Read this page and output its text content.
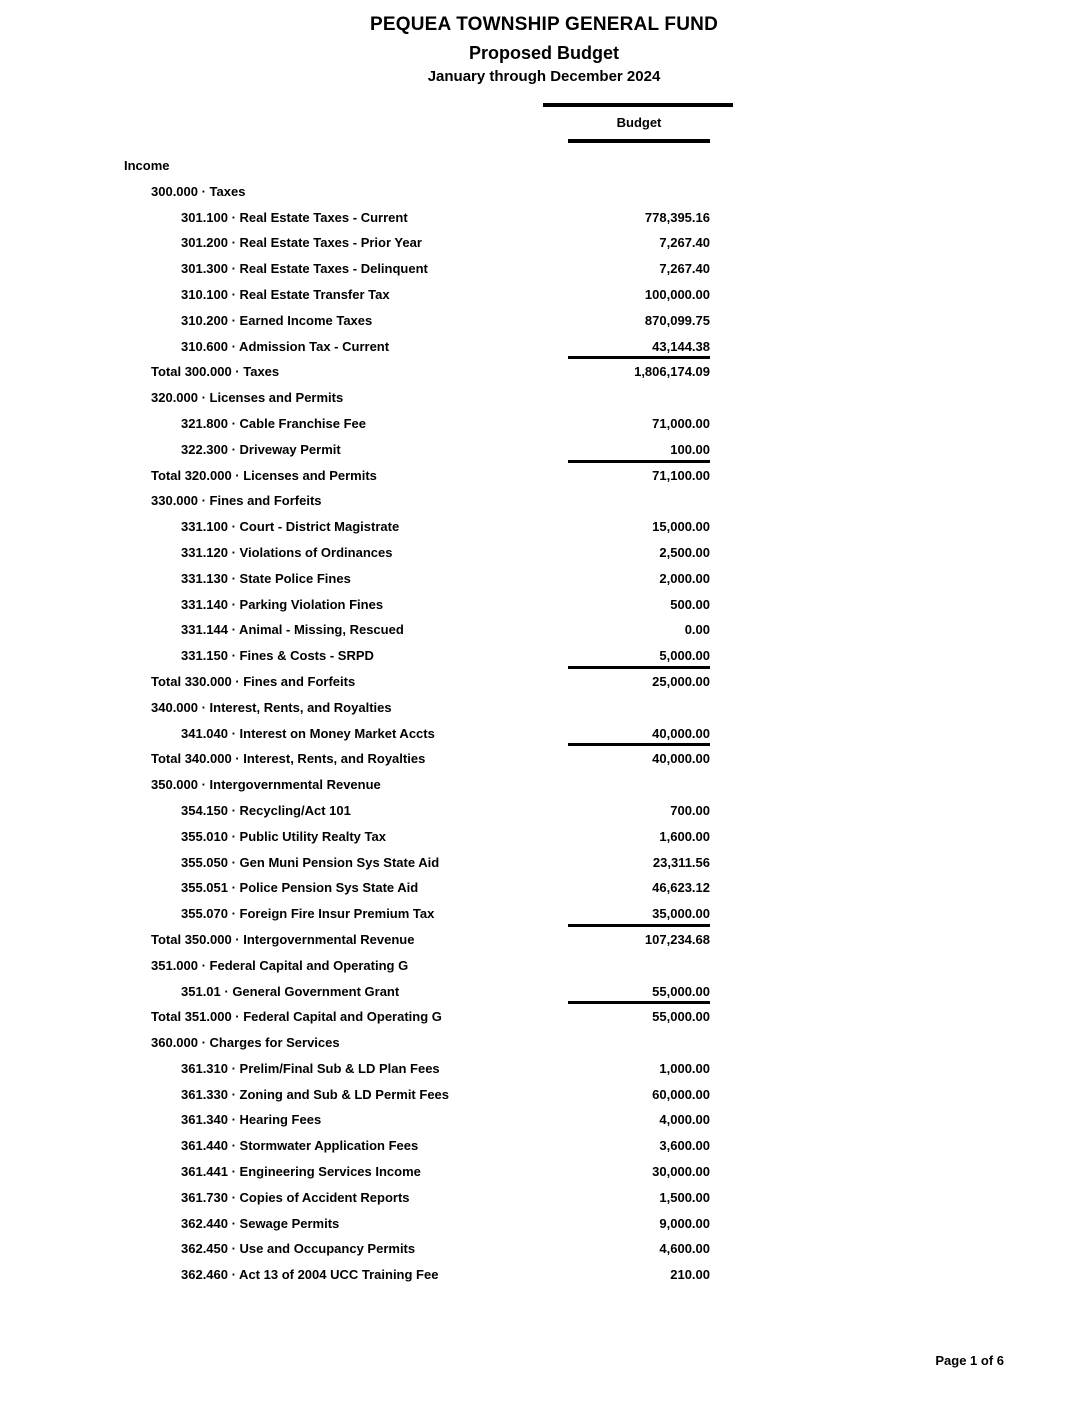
PEQUEA TOWNSHIP GENERAL FUND
Proposed Budget
January through December 2024
Budget
Income
300.000 · Taxes
301.100 · Real Estate Taxes - Current	778,395.16
301.200 · Real Estate Taxes - Prior Year	7,267.40
301.300 · Real Estate Taxes - Delinquent	7,267.40
310.100 · Real Estate Transfer Tax	100,000.00
310.200 · Earned Income Taxes	870,099.75
310.600 · Admission Tax - Current	43,144.38
Total 300.000 · Taxes	1,806,174.09
320.000 · Licenses and Permits
321.800 · Cable Franchise Fee	71,000.00
322.300 · Driveway Permit	100.00
Total 320.000 · Licenses and Permits	71,100.00
330.000 · Fines and Forfeits
331.100 · Court - District Magistrate	15,000.00
331.120 · Violations of Ordinances	2,500.00
331.130 · State Police Fines	2,000.00
331.140 · Parking Violation Fines	500.00
331.144 · Animal - Missing, Rescued	0.00
331.150 · Fines & Costs - SRPD	5,000.00
Total 330.000 · Fines and Forfeits	25,000.00
340.000 · Interest, Rents, and Royalties
341.040 · Interest on Money Market Accts	40,000.00
Total 340.000 · Interest, Rents, and Royalties	40,000.00
350.000 · Intergovernmental Revenue
354.150 · Recycling/Act 101	700.00
355.010 · Public Utility Realty Tax	1,600.00
355.050 · Gen Muni Pension Sys State Aid	23,311.56
355.051 · Police Pension Sys State Aid	46,623.12
355.070 · Foreign Fire Insur Premium Tax	35,000.00
Total 350.000 · Intergovernmental Revenue	107,234.68
351.000 · Federal Capital and Operating G
351.01 · General Government Grant	55,000.00
Total 351.000 · Federal Capital and Operating G	55,000.00
360.000 · Charges for Services
361.310 · Prelim/Final Sub & LD Plan Fees	1,000.00
361.330 · Zoning and Sub & LD Permit Fees	60,000.00
361.340 · Hearing Fees	4,000.00
361.440 · Stormwater Application Fees	3,600.00
361.441 · Engineering Services Income	30,000.00
361.730 · Copies of Accident Reports	1,500.00
362.440 · Sewage Permits	9,000.00
362.450 · Use and Occupancy Permits	4,600.00
362.460 · Act 13 of 2004 UCC Training Fee	210.00
Page 1 of 6
